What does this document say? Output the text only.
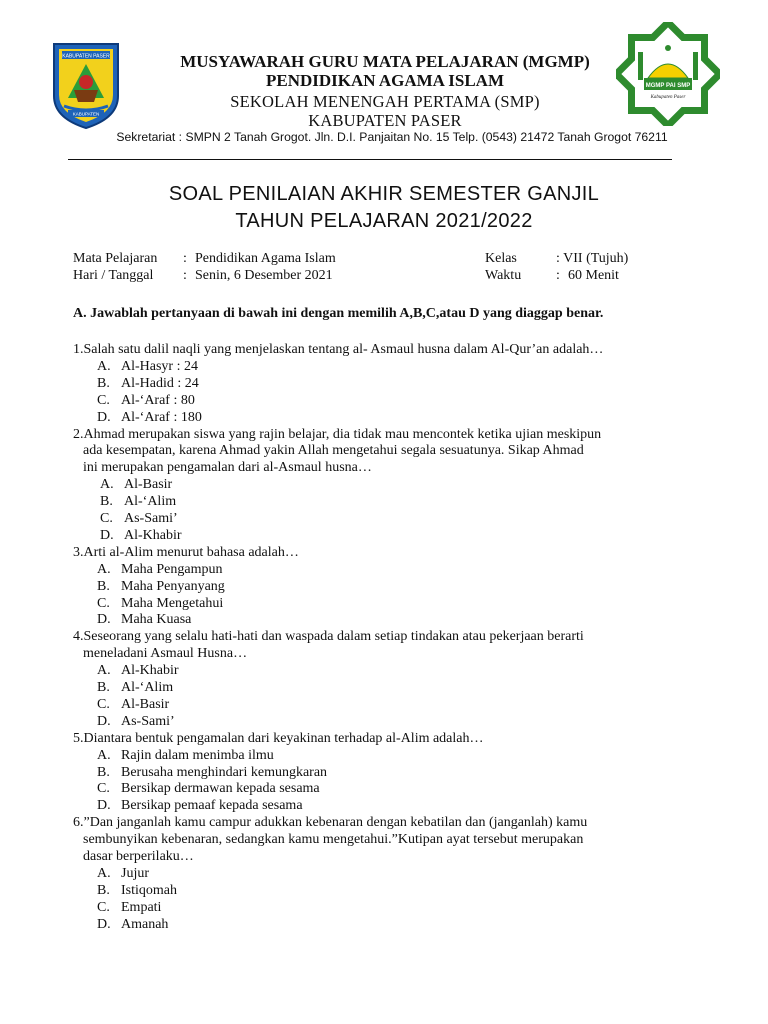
KABUPATEN PASER
KABUPATEN
MGMP PAI SMP
Kabupaten Paser
MUSYAWARAH GURU MATA PELAJARAN (MGMP)
PENDIDIKAN AGAMA ISLAM
SEKOLAH MENENGAH PERTAMA (SMP)
KABUPATEN PASER
Sekretariat : SMPN 2 Tanah Grogot. Jln. D.I. Panjaitan No. 15 Telp. (0543) 21472 Tanah Grogot 76211
SOAL PENILAIAN AKHIR SEMESTER GANJIL
TAHUN PELAJARAN 2021/2022
Mata Pelajaran : Pendidikan Agama Islam
Hari / Tanggal : Senin, 6 Desember 2021
Kelas	: VII (Tujuh)
Waktu : 60 Menit
A. Jawablah pertanyaan di bawah ini dengan memilih A,B,C,atau D yang diaggap benar.
1.Salah satu dalil naqli yang menjelaskan tentang al- Asmaul husna dalam Al-Qur’an adalah…
A. Al-Hasyr : 24
B. Al-Hadid : 24
C. Al-‘Araf : 80
D. Al-‘Araf : 180
2.Ahmad merupakan siswa yang rajin belajar, dia tidak mau mencontek ketika ujian meskipun
ada kesempatan, karena Ahmad yakin Allah mengetahui segala sesuatunya. Sikap Ahmad
ini merupakan pengamalan dari al-Asmaul husna…
A. Al-Basir
B. Al-‘Alim
C. As-Sami’
D. Al-Khabir
3.Arti al-Alim menurut bahasa adalah…
A. Maha Pengampun
B. Maha Penyanyang
C. Maha Mengetahui
D. Maha Kuasa
4.Seseorang yang selalu hati-hati dan waspada dalam setiap tindakan atau pekerjaan berarti
meneladani Asmaul Husna…
A. Al-Khabir
B. Al-‘Alim
C. Al-Basir
D. As-Sami’
5.Diantara bentuk pengamalan dari keyakinan terhadap al-Alim adalah…
A. Rajin dalam menimba ilmu
B. Berusaha menghindari kemungkaran
C. Bersikap dermawan kepada sesama
D. Bersikap pemaaf kepada sesama
6.”Dan janganlah kamu campur adukkan kebenaran dengan kebatilan dan (janganlah) kamu
sembunyikan kebenaran, sedangkan kamu mengetahui.”Kutipan ayat tersebut merupakan
dasar berperilaku…
A. Jujur
B. Istiqomah
C. Empati
D. Amanah
